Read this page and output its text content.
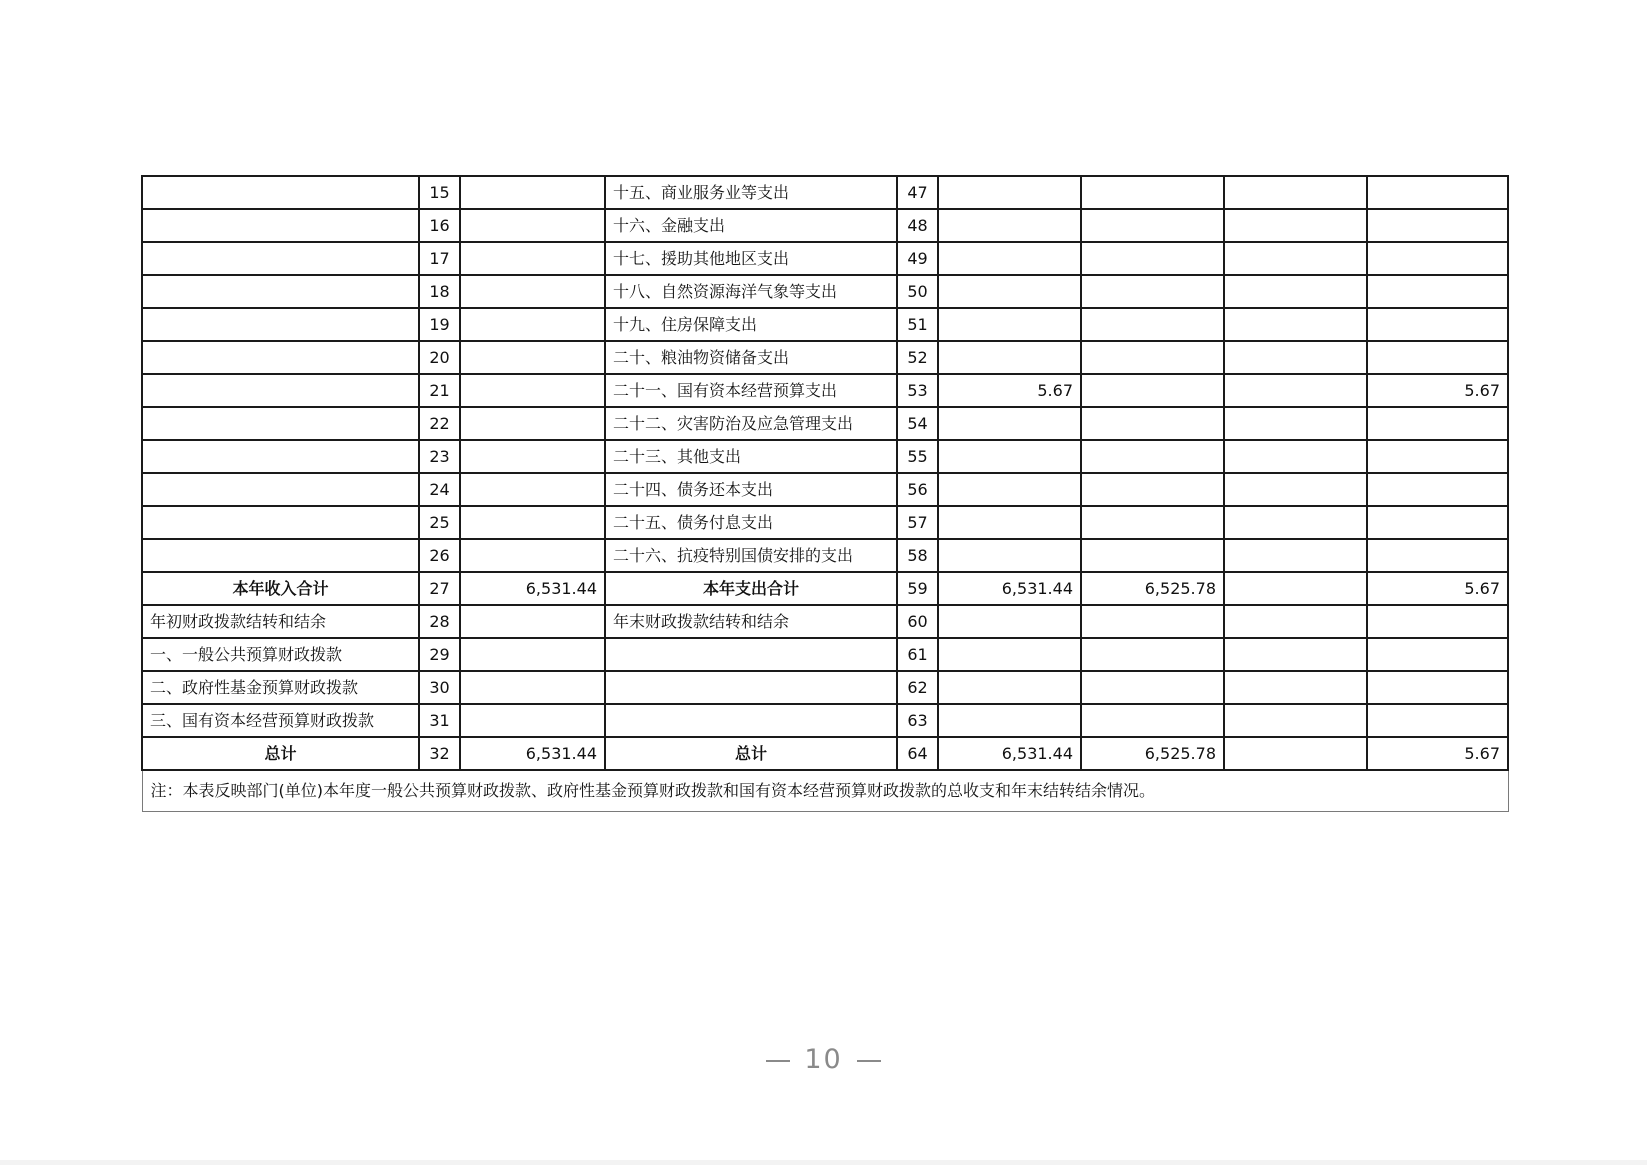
	15		十五、商业服务业等支出	47				
	16		十六、金融支出	48				
	17		十七、援助其他地区支出	49				
	18		十八、自然资源海洋气象等支出	50				
	19		十九、住房保障支出	51				
	20		二十、粮油物资储备支出	52				
	21		二十一、国有资本经营预算支出	53	5.67			5.67
	22		二十二、灾害防治及应急管理支出	54				
	23		二十三、其他支出	55				
	24		二十四、债务还本支出	56				
	25		二十五、债务付息支出	57				
	26		二十六、抗疫特别国债安排的支出	58				
本年收入合计	27	6,531.44	本年支出合计	59	6,531.44	6,525.78		5.67
年初财政拨款结转和结余	28		年末财政拨款结转和结余	60				
一、一般公共预算财政拨款	29			61				
二、政府性基金预算财政拨款	30			62				
三、国有资本经营预算财政拨款	31			63				
总计	32	6,531.44	总计	64	6,531.44	6,525.78		5.67
注：本表反映部门(单位)本年度一般公共预算财政拨款、政府性基金预算财政拨款和国有资本经营预算财政拨款的总收支和年末结转结余情况。								
10
